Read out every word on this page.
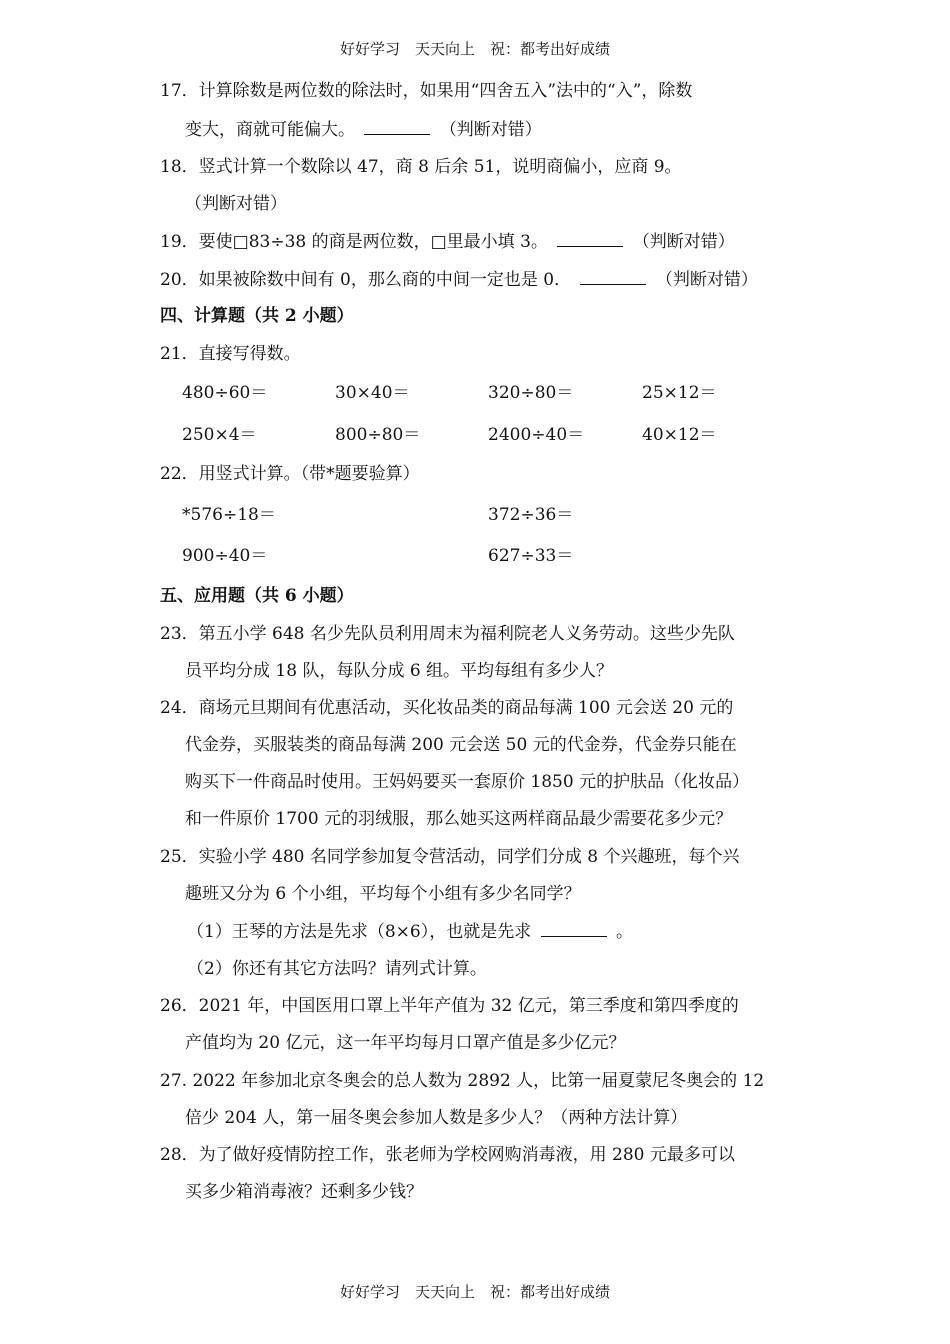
好好学习　天天向上　祝：都考出好成绩
17．计算除数是两位数的除法时，如果用“四舍五入”法中的“入”，除数
变大，商就可能偏大。	（判断对错）
18．竖式计算一个数除以 47，商 8 后余 51，说明商偏小，应商 9。
（判断对错）
19．要使□83÷38 的商是两位数，□里最小填 3。	（判断对错）
20．如果被除数中间有 0，那么商的中间一定也是 0．	（判断对错）
四、计算题（共 2 小题）
21．直接写得数。
480÷60＝	30×40＝	320÷80＝	25×12＝
250×4＝	800÷80＝	2400÷40＝	40×12＝
22．用竖式计算。（带*题要验算）
*576÷18＝	372÷36＝
900÷40＝	627÷33＝
五、应用题（共 6 小题）
23．第五小学 648 名少先队员利用周末为福利院老人义务劳动。这些少先队
员平均分成 18 队，每队分成 6 组。平均每组有多少人？
24．商场元旦期间有优惠活动，买化妆品类的商品每满 100 元会送 20 元的
代金券，买服装类的商品每满 200 元会送 50 元的代金券，代金券只能在
购买下一件商品时使用。王妈妈要买一套原价 1850 元的护肤品（化妆品）
和一件原价 1700 元的羽绒服，那么她买这两样商品最少需要花多少元？
25．实验小学 480 名同学参加复令营活动，同学们分成 8 个兴趣班，每个兴
趣班又分为 6 个小组，平均每个小组有多少名同学？
（1）王琴的方法是先求（8×6），也就是先求	。
（2）你还有其它方法吗？请列式计算。
26．2021 年，中国医用口罩上半年产值为 32 亿元，第三季度和第四季度的
产值均为 20 亿元，这一年平均每月口罩产值是多少亿元？
27. 2022 年参加北京冬奥会的总人数为 2892 人，比第一届夏蒙尼冬奥会的 12
倍少 204 人，第一届冬奥会参加人数是多少人？（两种方法计算）
28．为了做好疫情防控工作，张老师为学校网购消毒液，用 280 元最多可以
买多少箱消毒液？还剩多少钱？
好好学习　天天向上　祝：都考出好成绩
